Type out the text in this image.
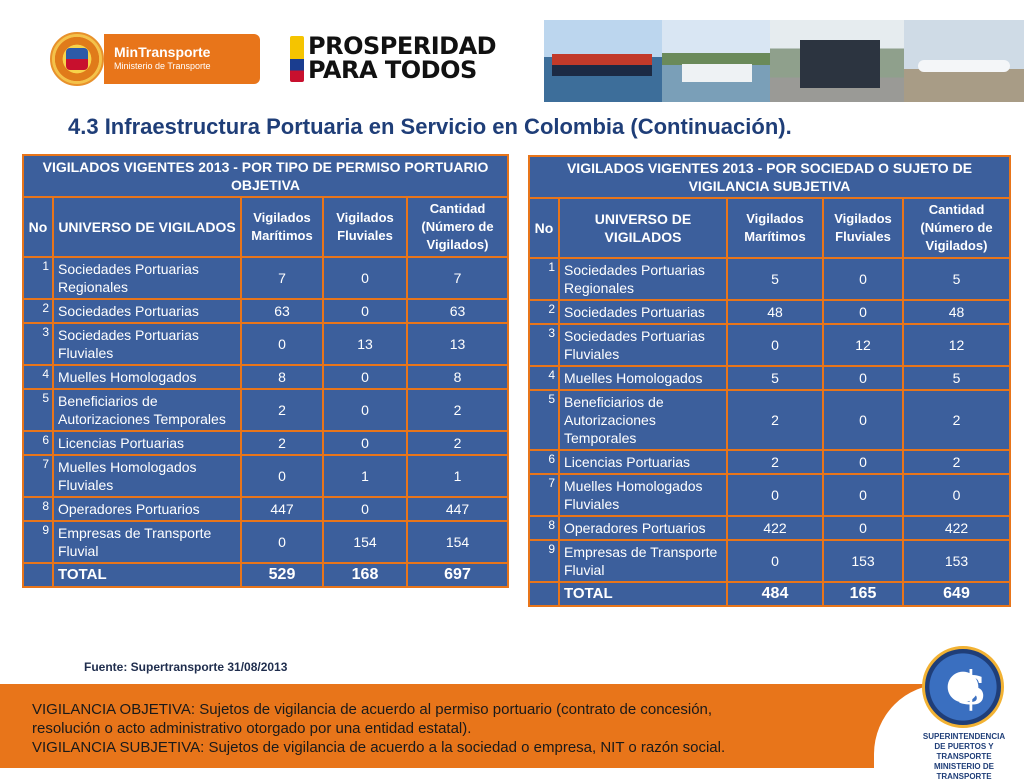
MinTransporte
Ministerio de Transporte
PROSPERIDAD
PARA TODOS
4.3 Infraestructura Portuaria en Servicio en Colombia (Continuación).
VIGILADOS VIGENTES 2013 - POR TIPO DE PERMISO PORTUARIO OBJETIVA				
No	UNIVERSO DE VIGILADOS	Vigilados Marítimos	Vigilados Fluviales	Cantidad (Número de Vigilados)
1	Sociedades Portuarias Regionales	7	0	7
2	Sociedades Portuarias	63	0	63
3	Sociedades Portuarias Fluviales	0	13	13
4	Muelles Homologados	8	0	8
5	Beneficiarios de Autorizaciones Temporales	2	0	2
6	Licencias Portuarias	2	0	2
7	Muelles Homologados Fluviales	0	1	1
8	Operadores Portuarios	447	0	447
9	Empresas de Transporte Fluvial	0	154	154
	TOTAL	529	168	697
VIGILADOS VIGENTES 2013 - POR SOCIEDAD O SUJETO DE VIGILANCIA SUBJETIVA				
No	UNIVERSO DE VIGILADOS	Vigilados Marítimos	Vigilados Fluviales	Cantidad (Número de Vigilados)
1	Sociedades Portuarias Regionales	5	0	5
2	Sociedades Portuarias	48	0	48
3	Sociedades Portuarias Fluviales	0	12	12
4	Muelles Homologados	5	0	5
5	Beneficiarios de Autorizaciones Temporales	2	0	2
6	Licencias Portuarias	2	0	2
7	Muelles Homologados Fluviales	0	0	0
8	Operadores Portuarios	422	0	422
9	Empresas de Transporte Fluvial	0	153	153
	TOTAL	484	165	649
Fuente: Supertransporte 31/08/2013
VIGILANCIA OBJETIVA: Sujetos de vigilancia de acuerdo al permiso portuario (contrato de concesión,
resolución o acto administrativo otorgado por una entidad estatal).
VIGILANCIA SUBJETIVA: Sujetos de vigilancia de acuerdo a la sociedad o empresa, NIT o razón social.
$
SUPERINTENDENCIA
DE PUERTOS Y TRANSPORTE
MINISTERIO DE TRANSPORTE
